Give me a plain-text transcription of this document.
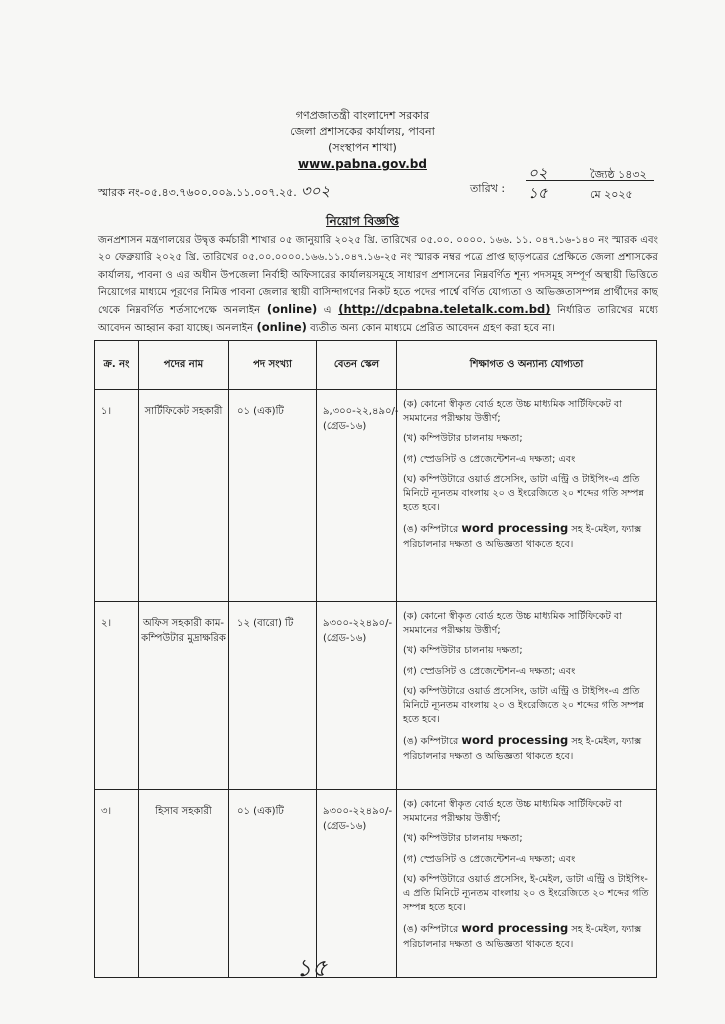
গণপ্রজাতন্ত্রী বাংলাদেশ সরকার
জেলা প্রশাসকের কার্যালয়, পাবনা
(সংস্থাপন শাখা)
www.pabna.gov.bd
স্মারক নং-০৫.৪৩.৭৬০০.০০৯.১১.০০৭.২৫. ৩০২	তারিখ :
০২	জ্যৈষ্ঠ ১৪৩২
১৫	মে ২০২৫
নিয়োগ বিজ্ঞপ্তি
জনপ্রশাসন মন্ত্রণালয়ের উদ্বৃত্ত কর্মচারী শাখার ০৫ জানুয়ারি ২০২৫ খ্রি. তারিখের ০৫.০০. ০০০০. ১৬৬. ১১. ০৪৭.১৬-১৪০ নং স্মারক এবং ২০ ফেব্রুয়ারি ২০২৫ খ্রি. তারিখের ০৫.০০.০০০০.১৬৬.১১.০৪৭.১৬-২৫ নং স্মারক নম্বর পত্রে প্রাপ্ত ছাড়পত্রের প্রেক্ষিতে জেলা প্রশাসকের কার্যালয়, পাবনা ও এর অধীন উপজেলা নির্বাহী অফিসারের কার্যালয়সমূহে সাধারণ প্রশাসনের নিম্নবর্ণিত শূন্য পদসমূহ সম্পূর্ণ অস্থায়ী ভিত্তিতে নিয়োগের মাধ্যমে পূরণের নিমিত্ত পাবনা জেলার স্থায়ী বাসিন্দাগণের নিকট হতে পদের পার্শ্বে বর্ণিত যোগ্যতা ও অভিজ্ঞতাসম্পন্ন প্রার্থীদের কাছ থেকে নিম্নবর্ণিত শর্তসাপেক্ষে অনলাইন (online) এ (http://dcpabna.teletalk.com.bd) নির্ধারিত তারিখের মধ্যে আবেদন আহ্বান করা যাচ্ছে। অনলাইন (online) ব্যতীত অন্য কোন মাধ্যমে প্রেরিত আবেদন গ্রহণ করা হবে না।
ক্র. নং	পদের নাম	পদ সংখ্যা	বেতন স্কেল	শিক্ষাগত ও অন্যান্য যোগ্যতা
১।	সার্টিফিকেট সহকারী	০১ (এক)টি	৯,৩০০-২২,৪৯০/- (গ্রেড-১৬)	(ক) কোনো স্বীকৃত বোর্ড হতে উচ্চ মাধ্যমিক সার্টিফিকেট বা সমমানের পরীক্ষায় উত্তীর্ণ;
(খ) কম্পিউটার চালনায় দক্ষতা;
(গ) স্প্রেডসিট ও প্রেজেন্টেশন-এ দক্ষতা; এবং
(ঘ) কম্পিউটারে ওয়ার্ড প্রসেসিং, ডাটা এন্ট্রি ও টাইপিং-এ প্রতি মিনিটে ন্যূনতম বাংলায় ২০ ও ইংরেজিতে ২০ শব্দের গতি সম্পন্ন হতে হবে।
(ঙ) কম্পিটারে word processing সহ ই-মেইল, ফ্যাক্স পরিচালনার দক্ষতা ও অভিজ্ঞতা থাকতে হবে।

২।	অফিস সহকারী কাম-কম্পিউটার মুদ্রাক্ষরিক	১২ (বারো) টি	৯৩০০-২২৪৯০/- (গ্রেড-১৬)	(ক) কোনো স্বীকৃত বোর্ড হতে উচ্চ মাধ্যমিক সার্টিফিকেট বা সমমানের পরীক্ষায় উত্তীর্ণ;
(খ) কম্পিউটার চালনায় দক্ষতা;
(গ) স্প্রেডসিট ও প্রেজেন্টেশন-এ দক্ষতা; এবং
(ঘ) কম্পিউটারে ওয়ার্ড প্রসেসিং, ডাটা এন্ট্রি ও টাইপিং-এ প্রতি মিনিটে ন্যূনতম বাংলায় ২০ ও ইংরেজিতে ২০ শব্দের গতি সম্পন্ন হতে হবে।
(ঙ) কম্পিটারে word processing সহ ই-মেইল, ফ্যাক্স পরিচালনার দক্ষতা ও অভিজ্ঞতা থাকতে হবে।

৩।	হিসাব সহকারী	০১ (এক)টি	৯৩০০-২২৪৯০/- (গ্রেড-১৬)	(ক) কোনো স্বীকৃত বোর্ড হতে উচ্চ মাধ্যমিক সার্টিফিকেট বা সমমানের পরীক্ষায় উত্তীর্ণ;
(খ) কম্পিউটার চালনায় দক্ষতা;
(গ) স্প্রেডসিট ও প্রেজেন্টেশন-এ দক্ষতা; এবং
(ঘ) কম্পিউটারে ওয়ার্ড প্রসেসিং, ই-মেইল, ডাটা এন্ট্রি ও টাইপিং-এ প্রতি মিনিটে ন্যূনতম বাংলায় ২০ ও ইংরেজিতে ২০ শব্দের গতি সম্পন্ন হতে হবে।
(ঙ) কম্পিটারে word processing সহ ই-মেইল, ফ্যাক্স পরিচালনার দক্ষতা ও অভিজ্ঞতা থাকতে হবে।
১৫
